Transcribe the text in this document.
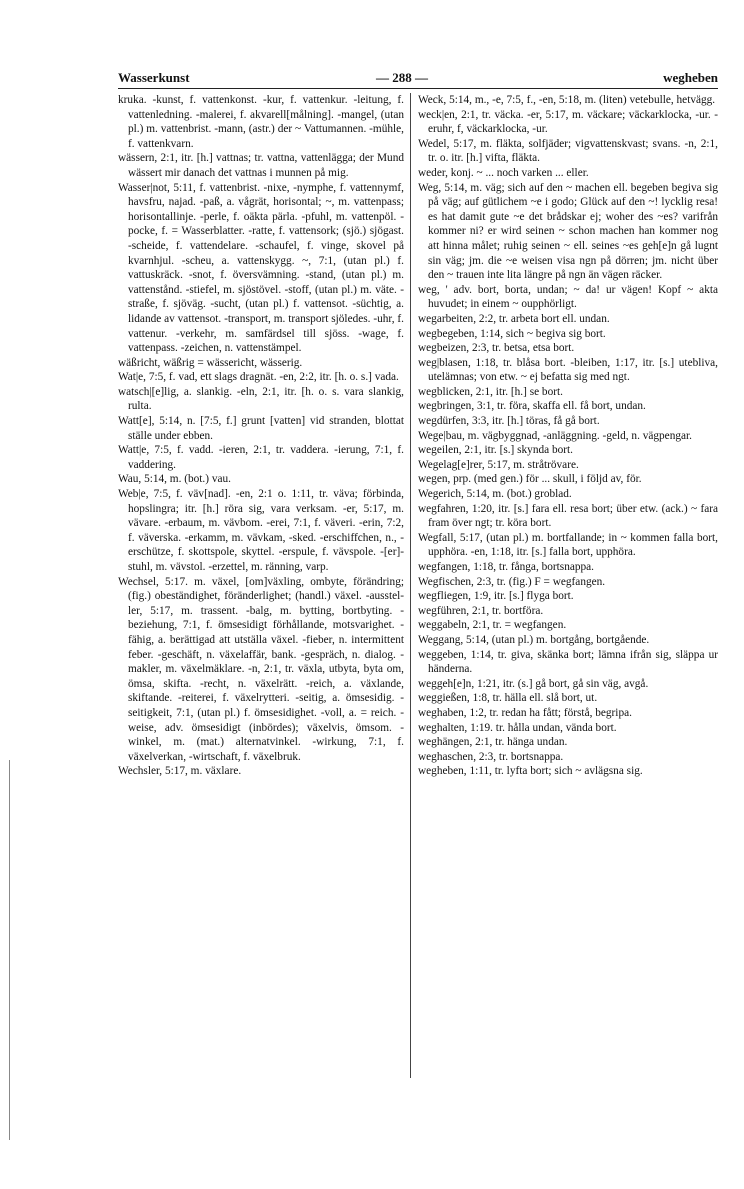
Wasserkunst	— 288 —	wegheben

kruka. -kunst, f. vattenkonst. -kur, f. vattenkur. -leitung, f. vattenledning. -malerei, f. akvarell[målning]. -mangel, (utan pl.) m. vattenbrist. -mann, (astr.) der ~ Vattumannen. -mühle, f. vattenkvarn.

wässern, 2:1, itr. [h.] vattnas; tr. vattna, vattenlägga; der Mund wässert mir danach det vattnas i munnen på mig.

Wasser|not, 5:11, f. vattenbrist. -nixe, -nymphe, f. vattennymf, havsfru, najad. -paß, a. vågrät, horisontal; ~, m. vattenpass; horisontallinje. -perle, f. oäkta pärla. -pfuhl, m. vattenpöl. -pocke, f. = Wasserblatter. -ratte, f. vattensork; (sjö.) sjögast. -scheide, f. vattendelare. -schaufel, f. vinge, skovel på kvarnhjul. -scheu, a. vattenskygg. ~, 7:1, (utan pl.) f. vattuskräck. -snot, f. översvämning. -stand, (utan pl.) m. vattenstånd. -stiefel, m. sjöstövel. -stoff, (utan pl.) m. väte. -straße, f. sjöväg. -sucht, (utan pl.) f. vattensot. -süchtig, a. lidande av vattensot. -transport, m. transport sjöledes. -uhr, f. vattenur. -verkehr, m. samfärdsel till sjöss. -wage, f. vattenpass. -zeichen, n. vattenstämpel.

wäßricht, wäßrig = wässericht, wässerig.

Wat|e, 7:5, f. vad, ett slags dragnät. -en, 2:2, itr. [h. o. s.] vada.

watsch|[e]lig, a. slankig. -eln, 2:1, itr. [h. o. s. vara slankig, rulta.

Watt[e], 5:14, n. [7:5, f.] grunt [vatten] vid stranden, blottat ställe under ebben.

Watt|e, 7:5, f. vadd. -ieren, 2:1, tr. vaddera. -ierung, 7:1, f. vaddering.

Wau, 5:14, m. (bot.) vau.

Web|e, 7:5, f. väv[nad]. -en, 2:1 o. 1:11, tr. väva; förbinda, hopslingra; itr. [h.] röra sig, vara verksam. -er, 5:17, m. vävare. -erbaum, m. vävbom. -erei, 7:1, f. väveri. -erin, 7:2, f. väverska. -erkamm, m. vävkam, -sked. -erschiffchen, n., -erschütze, f. skottspole, skyttel. -erspule, f. vävspole. -[er]-stuhl, m. vävstol. -erzettel, m. ränning, varp.

Wechsel, 5:17. m. växel, [om]växling, ombyte, förändring; (fig.) obeständighet, föränderlighet; (handl.) växel. -ausstel-ler, 5:17, m. trassent. -balg, m. bytting, bortbyting. -beziehung, 7:1, f. ömsesidigt förhållande, motsvarighet. -fähig, a. berättigad att utställa växel. -fieber, n. intermittent feber. -geschäft, n. växelaffär, bank. -gespräch, n. dialog. -makler, m. växelmäklare. -n, 2:1, tr. växla, utbyta, byta om, ömsa, skifta. -recht, n. växelrätt. -reich, a. växlande, skiftande. -reiterei, f. växelrytteri. -seitig, a. ömsesidig. -seitigkeit, 7:1, (utan pl.) f. ömsesidighet. -voll, a. = reich. -weise, adv. ömsesidigt (inbördes); växelvis, ömsom. -winkel, m. (mat.) alternatvinkel. -wirkung, 7:1, f. växelverkan, -wirtschaft, f. växelbruk.

Wechsler, 5:17, m. växlare.

Weck, 5:14, m., -e, 7:5, f., -en, 5:18, m. (liten) vetebulle, hetvägg.

weck|en, 2:1, tr. väcka. -er, 5:17, m. väckare; väckarklocka, -ur. -eruhr, f, väckarklocka, -ur.

Wedel, 5:17, m. fläkta, solfjäder; vigvattenskvast; svans. -n, 2:1, tr. o. itr. [h.] vifta, fläkta.

weder, konj. ~ ... noch varken ... eller.

Weg, 5:14, m. väg; sich auf den ~ machen ell. begeben begiva sig på väg; auf gütlichem ~e i godo; Glück auf den ~! lycklig resa! es hat damit gute ~e det brådskar ej; woher des ~es? varifrån kommer ni? er wird seinen ~ schon machen han kommer nog att hinna målet; ruhig seinen ~ ell. seines ~es geh[e]n gå lugnt sin väg; jm. die ~e weisen visa ngn på dörren; jm. nicht über den ~ trauen inte lita längre på ngn än vägen räcker.

weg, ' adv. bort, borta, undan; ~ da! ur vägen! Kopf ~ akta huvudet; in einem ~ oupphörligt.

wegarbeiten, 2:2, tr. arbeta bort ell. undan.

wegbegeben, 1:14, sich ~ begiva sig bort.

wegbeizen, 2:3, tr. betsa, etsa bort.

weg|blasen, 1:18, tr. blåsa bort. -bleiben, 1:17, itr. [s.] utebliva, utelämnas; von etw. ~ ej befatta sig med ngt.

wegblicken, 2:1, itr. [h.] se bort.

wegbringen, 3:1, tr. föra, skaffa ell. få bort, undan.

wegdürfen, 3:3, itr. [h.] töras, få gå bort.

Wege|bau, m. vägbyggnad, -anläggning. -geld, n. vägpengar.

wegeilen, 2:1, itr. [s.] skynda bort.

Wegelag[e]rer, 5:17, m. stråtrövare.

wegen, prp. (med gen.) för ... skull, i följd av, för.

Wegerich, 5:14, m. (bot.) groblad.

wegfahren, 1:20, itr. [s.] fara ell. resa bort; über etw. (ack.) ~ fara fram över ngt; tr. köra bort.

Wegfall, 5:17, (utan pl.) m. bortfallande; in ~ kommen falla bort, upphöra. -en, 1:18, itr. [s.] falla bort, upphöra.

wegfangen, 1:18, tr. fånga, bortsnappa.

Wegfischen, 2:3, tr. (fig.) F = wegfangen.

wegfliegen, 1:9, itr. [s.] flyga bort.

wegführen, 2:1, tr. bortföra.

weggabeln, 2:1, tr. = wegfangen.

Weggang, 5:14, (utan pl.) m. bortgång, bortgående.

weggeben, 1:14, tr. giva, skänka bort; lämna ifrån sig, släppa ur händerna.

weggeh[e]n, 1:21, itr. (s.] gå bort, gå sin väg, avgå.

weggießen, 1:8, tr. hälla ell. slå bort, ut.

weghaben, 1:2, tr. redan ha fått; förstå, begripa.

weghalten, 1:19. tr. hålla undan, vända bort.

weghängen, 2:1, tr. hänga undan.

weghaschen, 2:3, tr. bortsnappa.

wegheben, 1:11, tr. lyfta bort; sich ~ avlägsna sig.
